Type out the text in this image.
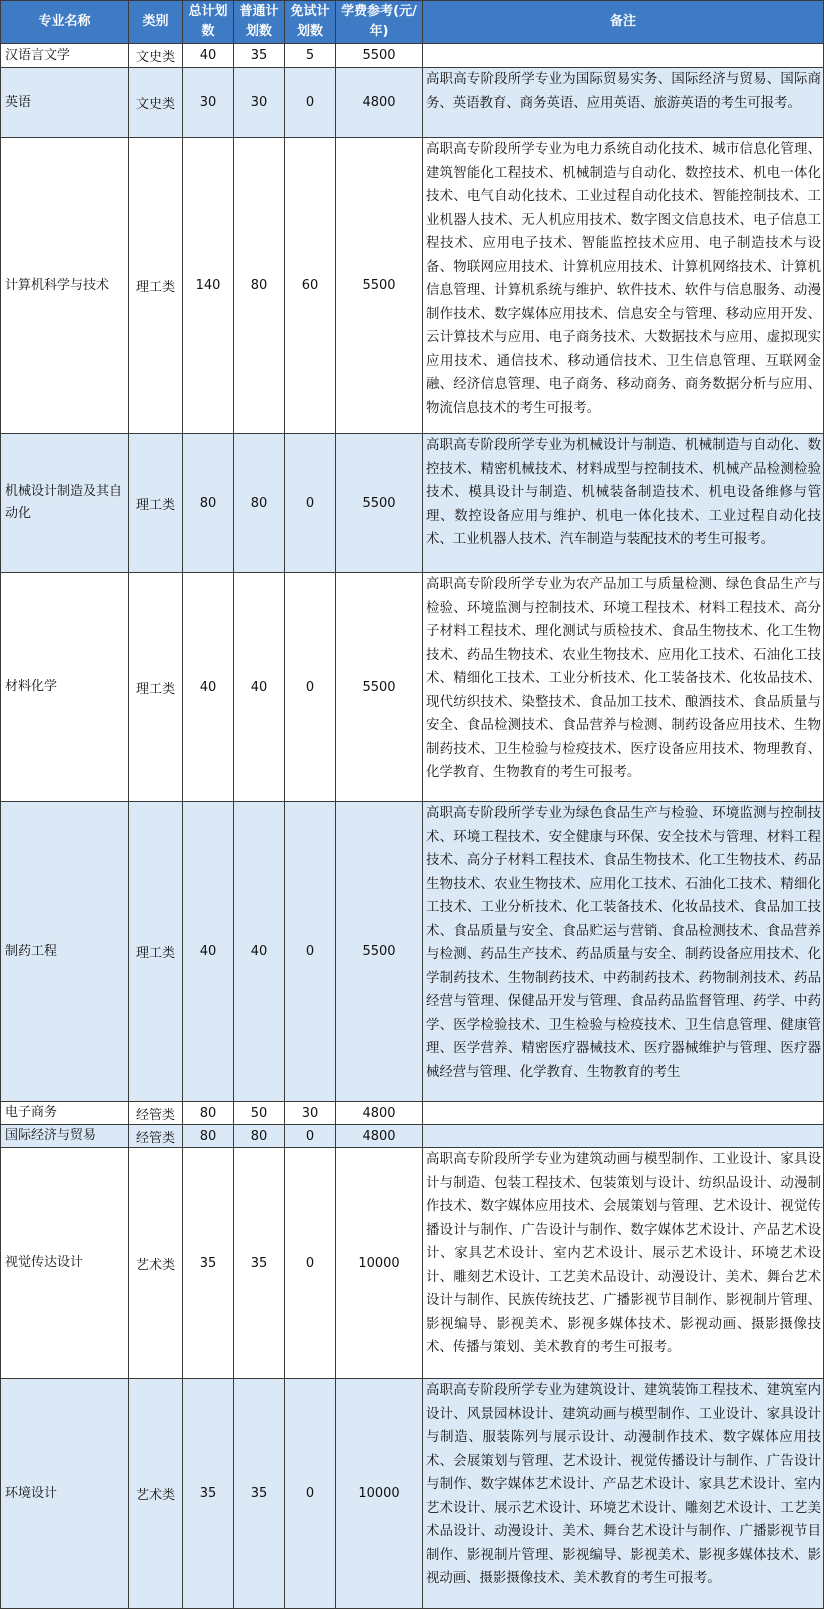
专业名称	类别	总计划数	普通计划数	免试计划数	学费参考(元/年)	备注
汉语言文学	文史类	40	35	5	5500	
英语	文史类	30	30	0	4800	高职高专阶段所学专业为国际贸易实务、国际经济与贸易、国际商务、英语教育、商务英语、应用英语、旅游英语的考生可报考。
计算机科学与技术	理工类	140	80	60	5500	高职高专阶段所学专业为电力系统自动化技术、城市信息化管理、建筑智能化工程技术、机械制造与自动化、数控技术、机电一体化技术、电气自动化技术、工业过程自动化技术、智能控制技术、工业机器人技术、无人机应用技术、数字图文信息技术、电子信息工程技术、应用电子技术、智能监控技术应用、电子制造技术与设备、物联网应用技术、计算机应用技术、计算机网络技术、计算机信息管理、计算机系统与维护、软件技术、软件与信息服务、动漫制作技术、数字媒体应用技术、信息安全与管理、移动应用开发、云计算技术与应用、电子商务技术、大数据技术与应用、虚拟现实应用技术、通信技术、移动通信技术、卫生信息管理、互联网金融、经济信息管理、电子商务、移动商务、商务数据分析与应用、物流信息技术的考生可报考。
机械设计制造及其自动化	理工类	80	80	0	5500	高职高专阶段所学专业为机械设计与制造、机械制造与自动化、数控技术、精密机械技术、材料成型与控制技术、机械产品检测检验技术、模具设计与制造、机械装备制造技术、机电设备维修与管理、数控设备应用与维护、机电一体化技术、工业过程自动化技术、工业机器人技术、汽车制造与装配技术的考生可报考。
材料化学	理工类	40	40	0	5500	高职高专阶段所学专业为农产品加工与质量检测、绿色食品生产与检验、环境监测与控制技术、环境工程技术、材料工程技术、高分子材料工程技术、理化测试与质检技术、食品生物技术、化工生物技术、药品生物技术、农业生物技术、应用化工技术、石油化工技术、精细化工技术、工业分析技术、化工装备技术、化妆品技术、现代纺织技术、染整技术、食品加工技术、酿酒技术、食品质量与安全、食品检测技术、食品营养与检测、制药设备应用技术、生物制药技术、卫生检验与检疫技术、医疗设备应用技术、物理教育、化学教育、生物教育的考生可报考。
制药工程	理工类	40	40	0	5500	高职高专阶段所学专业为绿色食品生产与检验、环境监测与控制技术、环境工程技术、安全健康与环保、安全技术与管理、材料工程技术、高分子材料工程技术、食品生物技术、化工生物技术、药品生物技术、农业生物技术、应用化工技术、石油化工技术、精细化工技术、工业分析技术、化工装备技术、化妆品技术、食品加工技术、食品质量与安全、食品贮运与营销、食品检测技术、食品营养与检测、药品生产技术、药品质量与安全、制药设备应用技术、化学制药技术、生物制药技术、中药制药技术、药物制剂技术、药品经营与管理、保健品开发与管理、食品药品监督管理、药学、中药学、医学检验技术、卫生检验与检疫技术、卫生信息管理、健康管理、医学营养、精密医疗器械技术、医疗器械维护与管理、医疗器械经营与管理、化学教育、生物教育的考生

电子商务	经管类	80	50	30	4800	
国际经济与贸易	经管类	80	80	0	4800	
视觉传达设计	艺术类	35	35	0	10000	高职高专阶段所学专业为建筑动画与模型制作、工业设计、家具设计与制造、包装工程技术、包装策划与设计、纺织品设计、动漫制作技术、数字媒体应用技术、会展策划与管理、艺术设计、视觉传播设计与制作、广告设计与制作、数字媒体艺术设计、产品艺术设计、家具艺术设计、室内艺术设计、展示艺术设计、环境艺术设计、雕刻艺术设计、工艺美术品设计、动漫设计、美术、舞台艺术设计与制作、民族传统技艺、广播影视节目制作、影视制片管理、影视编导、影视美术、影视多媒体技术、影视动画、摄影摄像技术、传播与策划、美术教育的考生可报考。
环境设计	艺术类	35	35	0	10000	高职高专阶段所学专业为建筑设计、建筑装饰工程技术、建筑室内设计、风景园林设计、建筑动画与模型制作、工业设计、家具设计与制造、服装陈列与展示设计、动漫制作技术、数字媒体应用技术、会展策划与管理、艺术设计、视觉传播设计与制作、广告设计与制作、数字媒体艺术设计、产品艺术设计、家具艺术设计、室内艺术设计、展示艺术设计、环境艺术设计、雕刻艺术设计、工艺美术品设计、动漫设计、美术、舞台艺术设计与制作、广播影视节目制作、影视制片管理、影视编导、影视美术、影视多媒体技术、影视动画、摄影摄像技术、美术教育的考生可报考。
